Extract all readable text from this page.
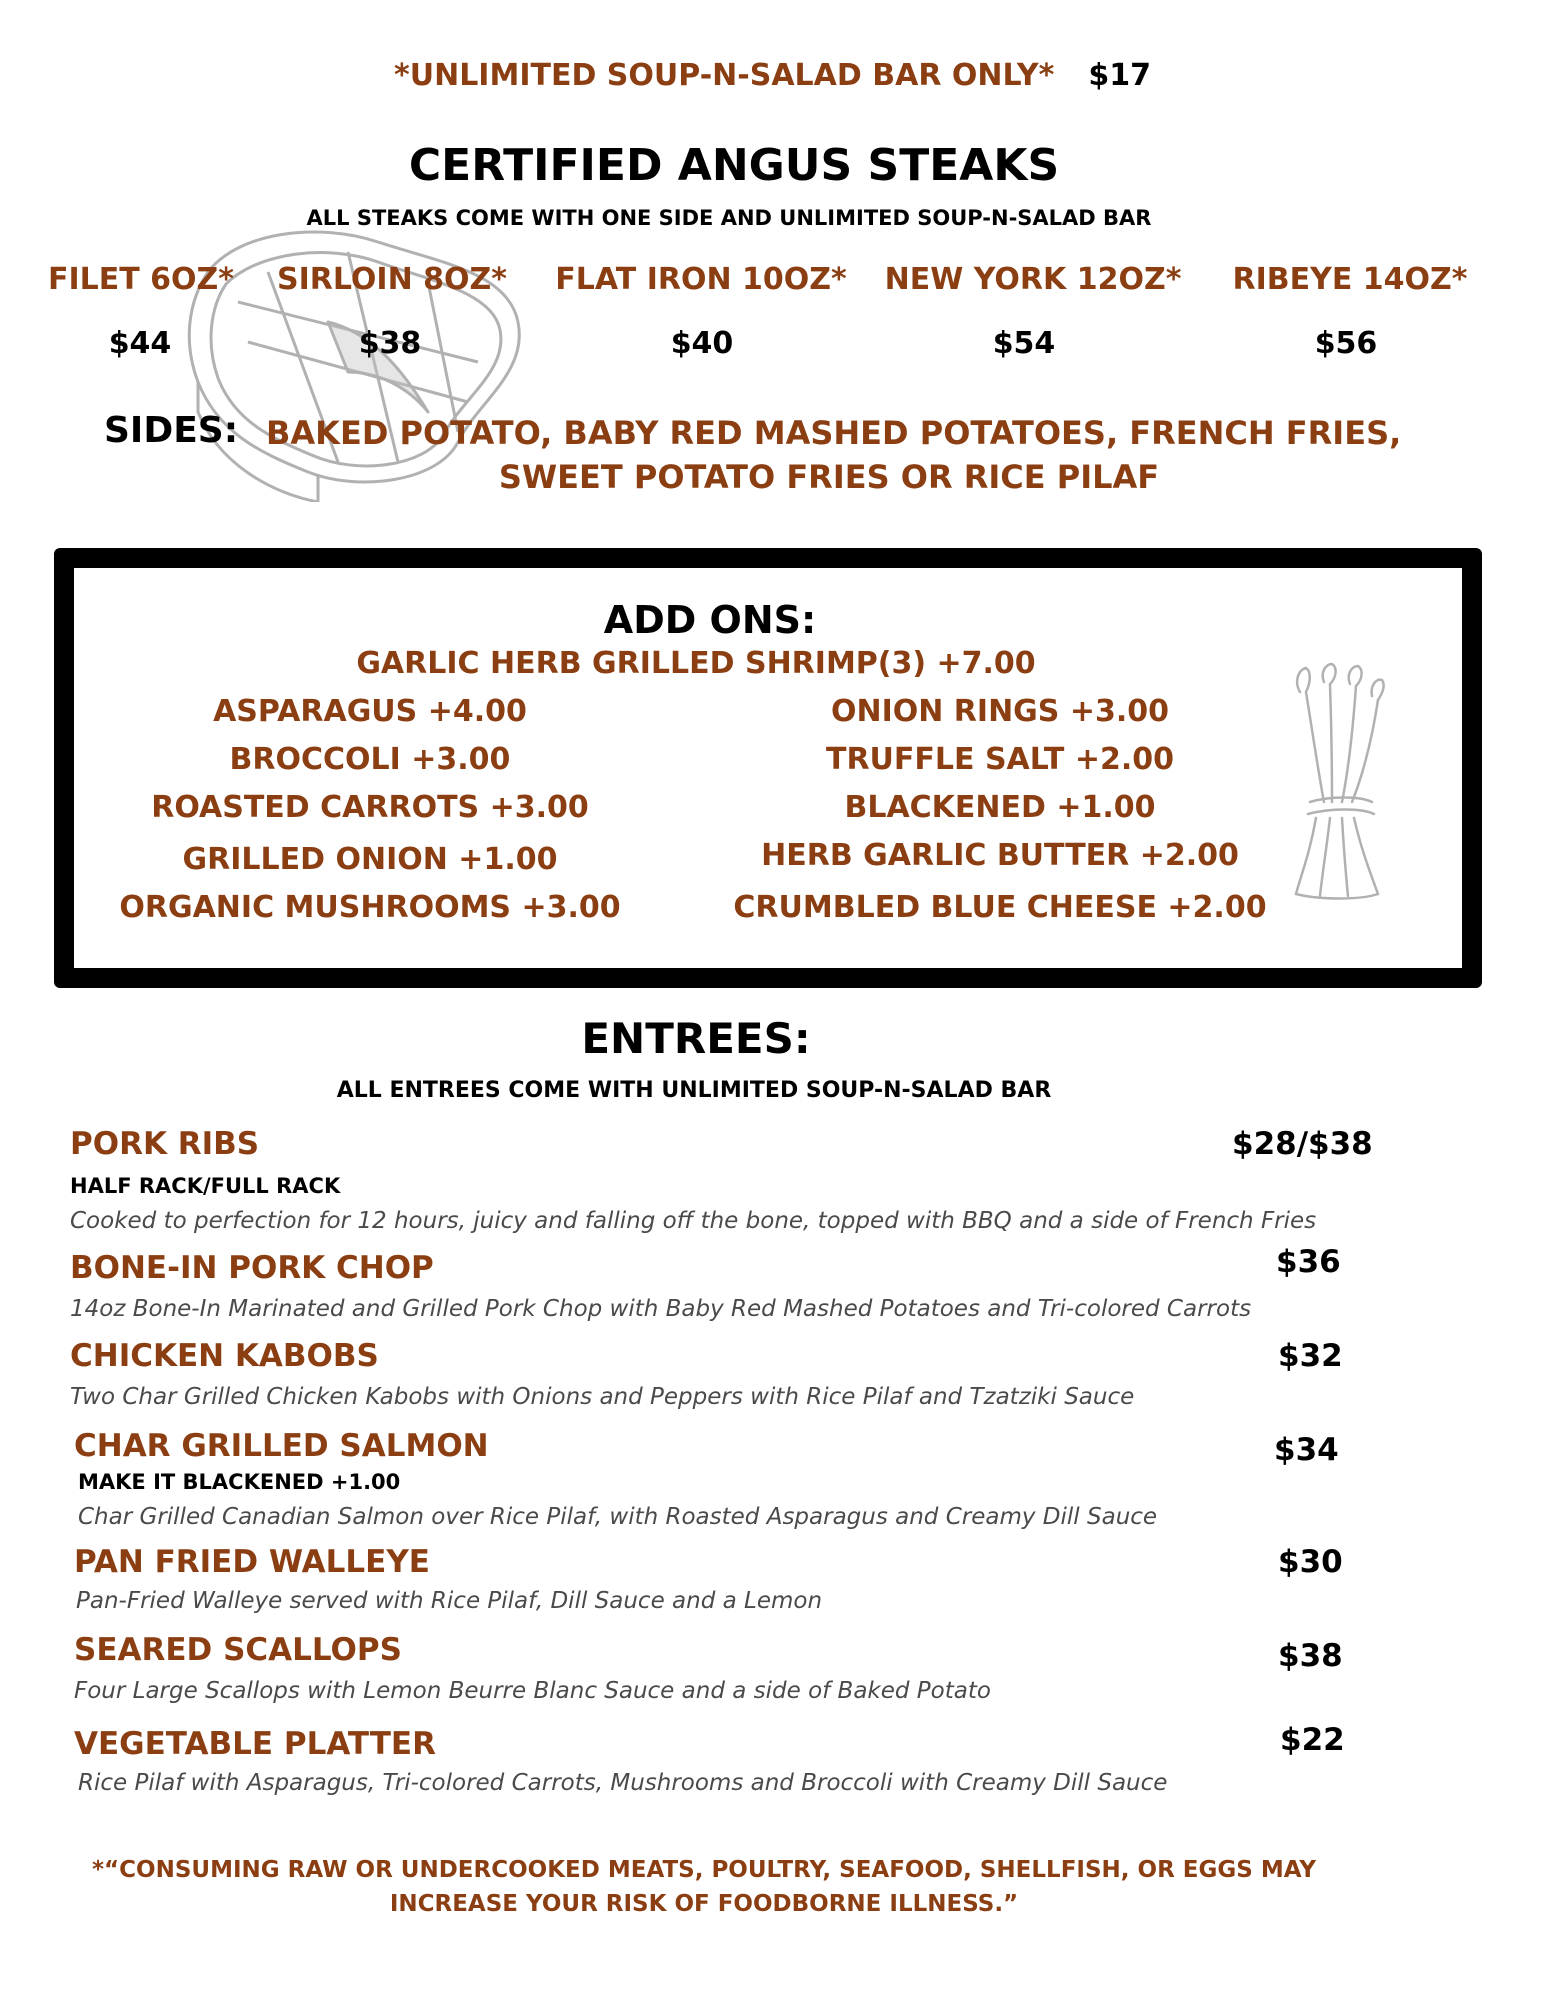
*UNLIMITED SOUP-N-SALAD BAR ONLY* $17
CERTIFIED ANGUS STEAKS
ALL STEAKS COME WITH ONE SIDE AND UNLIMITED SOUP-N-SALAD BAR
FILET 6OZ*	SIRLOIN 8OZ*	FLAT IRON 10OZ*	NEW YORK 12OZ*	RIBEYE 14OZ*
$44	$38	$40	$54	$56
SIDES: BAKED POTATO, BABY RED MASHED POTATOES, FRENCH FRIES,
SWEET POTATO FRIES OR RICE PILAF
ADD ONS:
GARLIC HERB GRILLED SHRIMP(3) +7.00
ASPARAGUS +4.00
BROCCOLI +3.00
ROASTED CARROTS +3.00
GRILLED ONION +1.00
ORGANIC MUSHROOMS +3.00
ONION RINGS +3.00
TRUFFLE SALT +2.00
BLACKENED +1.00
HERB GARLIC BUTTER +2.00
CRUMBLED BLUE CHEESE +2.00
ENTREES:
ALL ENTREES COME WITH UNLIMITED SOUP-N-SALAD BAR
PORK RIBS	$28/$38
HALF RACK/FULL RACK
Cooked to perfection for 12 hours, juicy and falling off the bone, topped with BBQ and a side of French Fries
BONE-IN PORK CHOP	$36
14oz Bone-In Marinated and Grilled Pork Chop with Baby Red Mashed Potatoes and Tri-colored Carrots
CHICKEN KABOBS	$32
Two Char Grilled Chicken Kabobs with Onions and Peppers with Rice Pilaf and Tzatziki Sauce
CHAR GRILLED SALMON	$34
MAKE IT BLACKENED +1.00
Char Grilled Canadian Salmon over Rice Pilaf, with Roasted Asparagus and Creamy Dill Sauce
PAN FRIED WALLEYE	$30
Pan-Fried Walleye served with Rice Pilaf, Dill Sauce and a Lemon
SEARED SCALLOPS	$38
Four Large Scallops with Lemon Beurre Blanc Sauce and a side of Baked Potato
VEGETABLE PLATTER	$22
Rice Pilaf with Asparagus, Tri-colored Carrots, Mushrooms and Broccoli with Creamy Dill Sauce
*“CONSUMING RAW OR UNDERCOOKED MEATS, POULTRY, SEAFOOD, SHELLFISH, OR EGGS MAY
INCREASE YOUR RISK OF FOODBORNE ILLNESS.”
